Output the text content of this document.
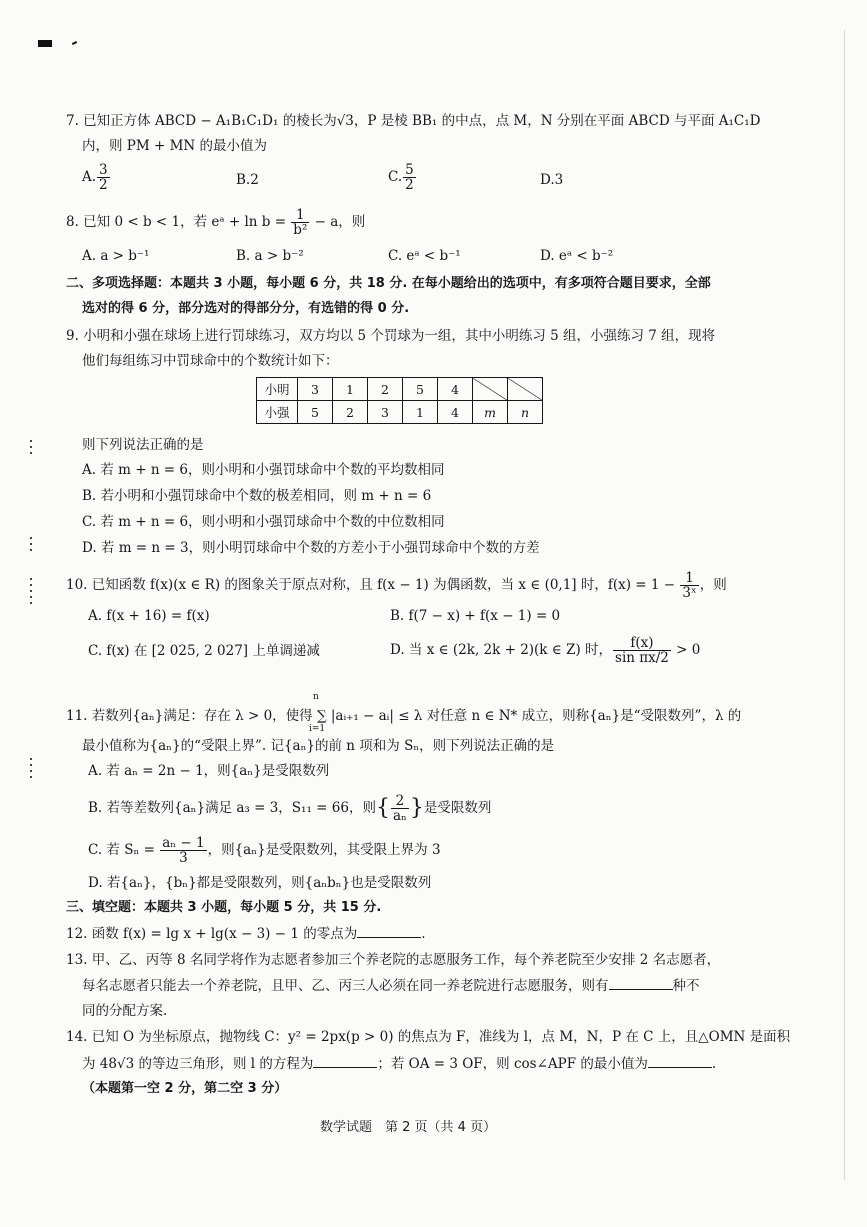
7. 已知正方体 ABCD − A₁B₁C₁D₁ 的棱长为√3，P 是棱 BB₁ 的中点，点 M，N 分别在平面 ABCD 与平面 A₁C₁D
内，则 PM + MN 的最小值为
A. $\frac{3}{2}$	B.2	C. $\frac{5}{2}$	D.3
8. 已知 0 < b < 1，若 eᵃ + $\ln b = \frac{1}{\text{b²}} - a$，则
A. a > b⁻¹	B. a > b⁻²	C. eᵃ < b⁻¹	D. eᵃ < b⁻²
二、多项选择题：本题共 3 小题，每小题 6 分，共 18 分. 在每小题给出的选项中，有多项符合题目要求，全部
选对的得 6 分，部分选对的得部分分，有选错的得 0 分.
9. 小明和小强在球场上进行罚球练习，双方均以 5 个罚球为一组，其中小明练习 5 组，小强练习 7 组，现将
他们每组练习中罚球命中的个数统计如下：
小明	3	1	2	5	4		
小强	5	2	3	1	4	m	n
则下列说法正确的是
A. 若 m + n = 6，则小明和小强罚球命中个数的平均数相同
B. 若小明和小强罚球命中个数的极差相同，则 m + n = 6
C. 若 m + n = 6，则小明和小强罚球命中个数的中位数相同
D. 若 m = n = 3，则小明罚球命中个数的方差小于小强罚球命中个数的方差
10. 已知函数 f(x)(x ∈ R) 的图象关于原点对称，且 f(x − 1) 为偶函数，当 x ∈ (0,1] 时，$f(x) = 1 - \frac{1}{\text{3ˣ}}$ ，则
A. f(x + 16) = f(x)	B. f(7 − x) + f(x − 1) = 0
C. f(x) 在 [2 025, 2 027] 上单调递减	D. 当 x ∈ (2k, 2k + 2)(k ∈ Z) 时， $\frac{f(x)}{\text{sin πx/2}} > 0$
11. 若数列{aₙ}满足：存在 λ > 0，使得 ∑ |aᵢ₊₁ − aᵢ| ≤ λ 对任意 n ∈ N* 成立，则称{aₙ}是“受限数列”，λ 的
n
i=1
最小值称为{aₙ}的“受限上界”. 记{aₙ}的前 n 项和为 Sₙ，则下列说法正确的是
A. 若 aₙ = 2n − 1，则{aₙ}是受限数列
B. 若等差数列{aₙ}满足 a₃ = 3，S₁₁ = 66，则{ $\frac{2}{\text{aₙ}}$ }是受限数列
C. 若 $S_n = \frac{\text{aₙ − 1}}{3}$ ，则{aₙ}是受限数列，其受限上界为 3
D. 若{aₙ}，{bₙ}都是受限数列，则{aₙbₙ}也是受限数列
三、填空题：本题共 3 小题，每小题 5 分，共 15 分.
12. 函数 f(x) = lg x + lg(x − 3) − 1 的零点为	.
13. 甲、乙、丙等 8 名同学将作为志愿者参加三个养老院的志愿服务工作，每个养老院至少安排 2 名志愿者，
每名志愿者只能去一个养老院，且甲、乙、丙三人必须在同一养老院进行志愿服务，则有	种不
同的分配方案.
14. 已知 O 为坐标原点，抛物线 C：y² = 2px(p > 0) 的焦点为 F，准线为 l，点 M，N，P 在 C 上，且△OMN 是面积
为 48√3 的等边三角形，则 l 的方程为	；若 OA = 3 OF，则 cos∠APF 的最小值为	.
（本题第一空 2 分，第二空 3 分）
数学试题　第 2 页（共 4 页）
